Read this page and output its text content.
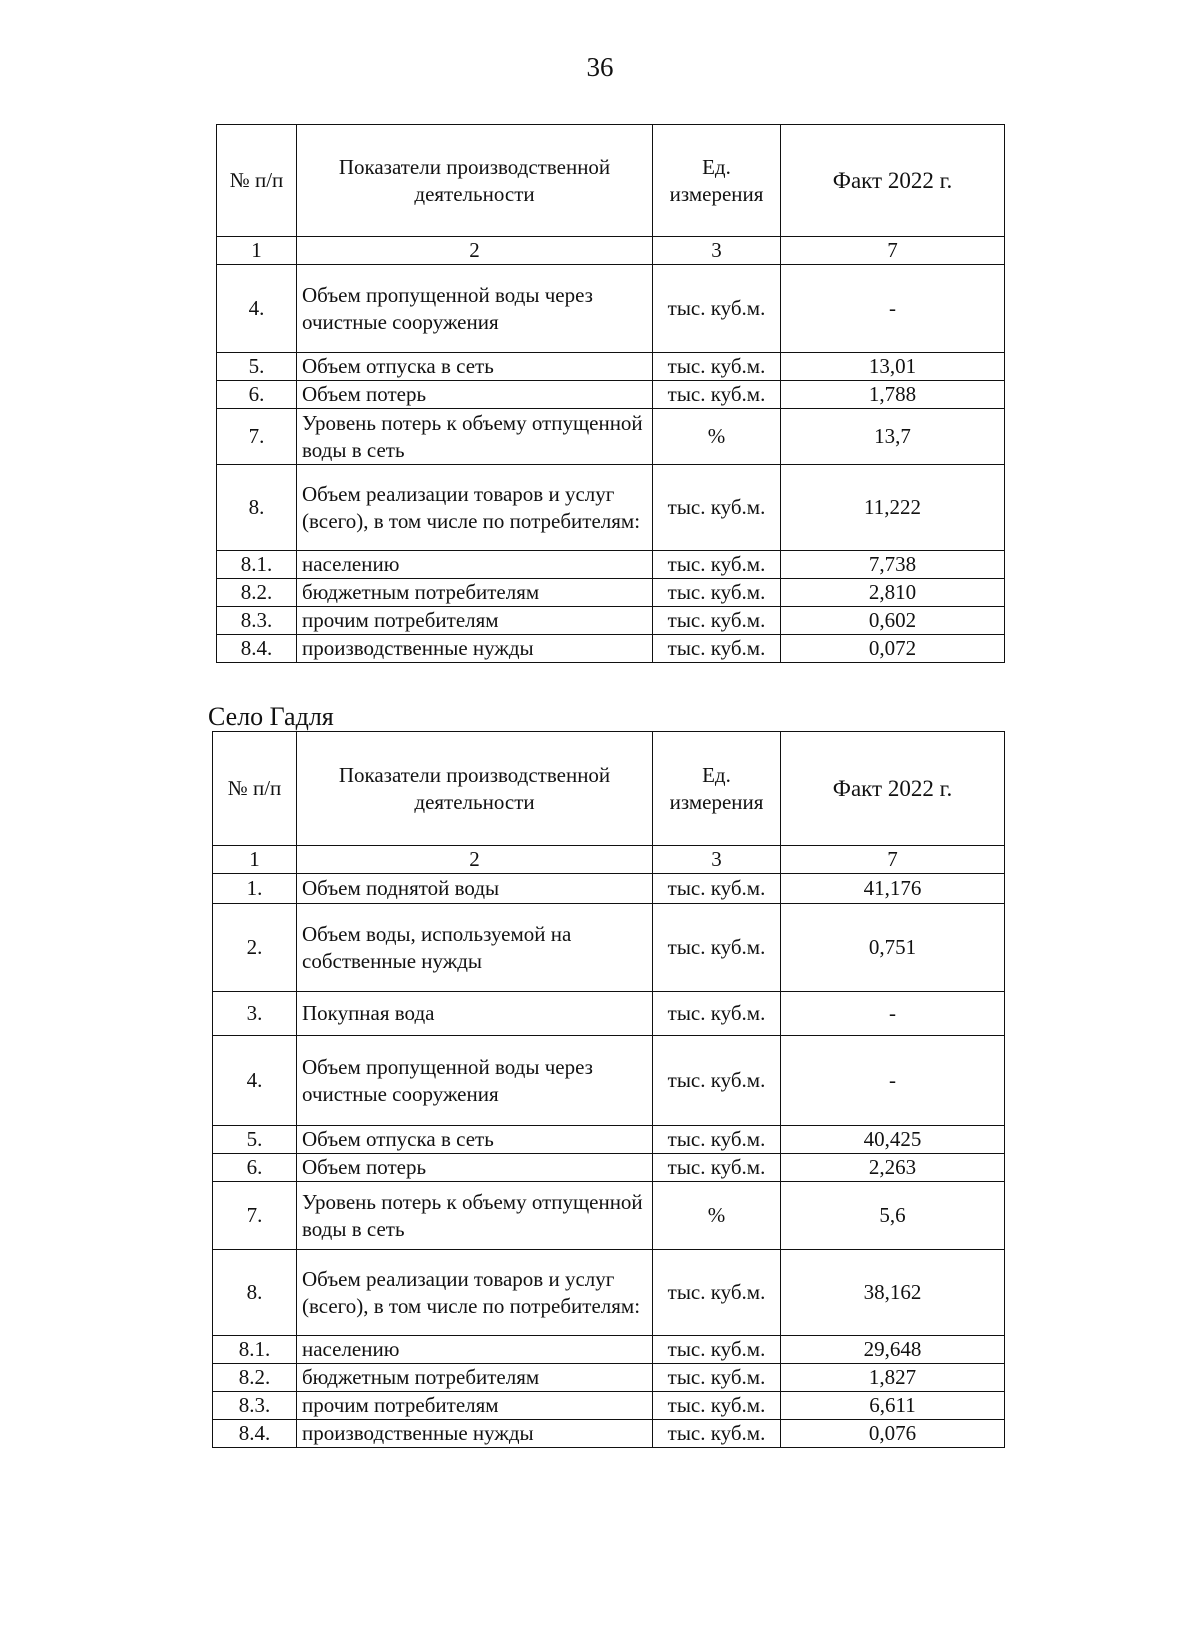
36
№ п/п	Показатели производственной деятельности	Ед. измерения	Факт 2022 г.
1	2	3	7
4.	Объем пропущенной воды через очистные сооружения	тыс. куб.м.	-
5.	Объем отпуска в сеть	тыс. куб.м.	13,01
6.	Объем потерь	тыс. куб.м.	1,788
7.	Уровень потерь к объему отпущенной воды в сеть	%	13,7
8.	Объем реализации товаров и услуг (всего), в том числе по потребителям:	тыс. куб.м.	11,222
8.1.	населению	тыс. куб.м.	7,738
8.2.	бюджетным потребителям	тыс. куб.м.	2,810
8.3.	прочим потребителям	тыс. куб.м.	0,602
8.4.	производственные нужды	тыс. куб.м.	0,072
Село Гадля
№ п/п	Показатели производственной деятельности	Ед. измерения	Факт 2022 г.
1	2	3	7
1.	Объем поднятой воды	тыс. куб.м.	41,176
2.	Объем воды, используемой на собственные нужды	тыс. куб.м.	0,751
3.	Покупная вода	тыс. куб.м.	-
4.	Объем пропущенной воды через очистные сооружения	тыс. куб.м.	-
5.	Объем отпуска в сеть	тыс. куб.м.	40,425
6.	Объем потерь	тыс. куб.м.	2,263
7.	Уровень потерь к объему отпущенной воды в сеть	%	5,6
8.	Объем реализации товаров и услуг (всего), в том числе по потребителям:	тыс. куб.м.	38,162
8.1.	населению	тыс. куб.м.	29,648
8.2.	бюджетным потребителям	тыс. куб.м.	1,827
8.3.	прочим потребителям	тыс. куб.м.	6,611
8.4.	производственные нужды	тыс. куб.м.	0,076
